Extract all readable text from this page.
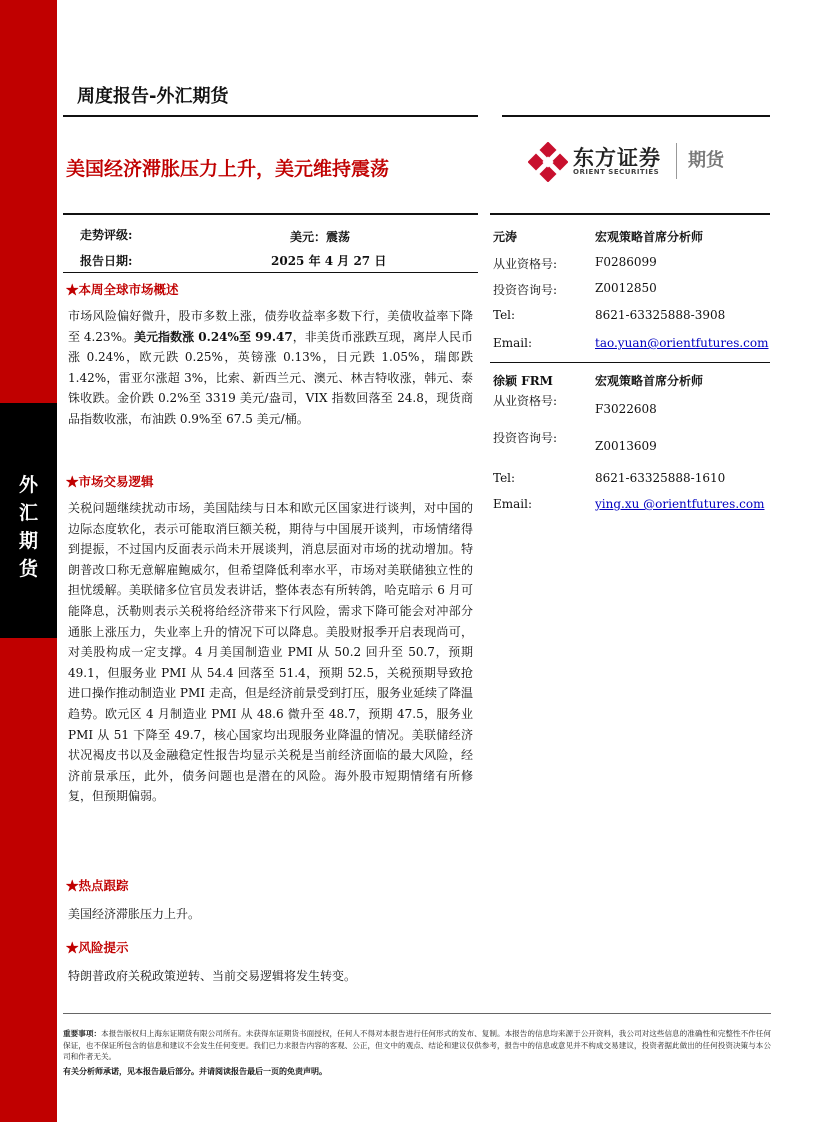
外
汇
期
货
周度报告-外汇期货
美国经济滞胀压力上升，美元维持震荡	东方证券
ORIENT SECURITIES
期货
走势评级:	美元：震荡
报告日期:	2025 年 4 月 27 日
★本周全球市场概述
市场风险偏好微升，股市多数上涨，债券收益率多数下行，美债收益率下降至 4.23%。美元指数涨 0.24%至 99.47，非美货币涨跌互现，离岸人民币涨 0.24%，欧元跌 0.25%，英镑涨 0.13%，日元跌 1.05%，瑞郎跌 1.42%，雷亚尔涨超 3%，比索、新西兰元、澳元、林吉特收涨，韩元、泰铢收跌。金价跌 0.2%至 3319 美元/盎司，VIX 指数回落至 24.8，现货商品指数收涨，布油跌 0.9%至 67.5 美元/桶。
★市场交易逻辑
关税问题继续扰动市场，美国陆续与日本和欧元区国家进行谈判，对中国的边际态度软化，表示可能取消巨额关税，期待与中国展开谈判，市场情绪得到提振，不过国内反面表示尚未开展谈判，消息层面对市场的扰动增加。特朗普改口称无意解雇鲍威尔，但希望降低利率水平，市场对美联储独立性的担忧缓解。美联储多位官员发表讲话，整体表态有所转鸽，哈克暗示 6 月可能降息，沃勒则表示关税将给经济带来下行风险，需求下降可能会对冲部分通胀上涨压力，失业率上升的情况下可以降息。美股财报季开启表现尚可，对美股构成一定支撑。4 月美国制造业 PMI 从 50.2 回升至 50.7，预期 49.1，但服务业 PMI 从 54.4 回落至 51.4，预期 52.5，关税预期导致抢进口操作推动制造业 PMI 走高，但是经济前景受到打压，服务业延续了降温趋势。欧元区 4 月制造业 PMI 从 48.6 微升至 48.7，预期 47.5，服务业 PMI 从 51 下降至 49.7，核心国家均出现服务业降温的情况。美联储经济状况褐皮书以及金融稳定性报告均显示关税是当前经济面临的最大风险，经济前景承压，此外，债务问题也是潜在的风险。海外股市短期情绪有所修复，但预期偏弱。
★热点跟踪
美国经济滞胀压力上升。
★风险提示
特朗普政府关税政策逆转、当前交易逻辑将发生转变。
元涛	宏观策略首席分析师
从业资格号:	F0286099
投资咨询号:	Z0012850
Tel:	8621-63325888-3908
Email:	tao.yuan@orientfutures.com
徐颖 FRM	宏观策略首席分析师
从业资格号:
F3022608
投资咨询号:
Z0013609
Tel:	8621-63325888-1610
Email:	ying.xu @orientfutures.com
重要事项：本报告版权归上海东证期货有限公司所有。未获得东证期货书面授权，任何人不得对本报告进行任何形式的发布、复制。本报告的信息均来源于公开资料，我公司对这些信息的准确性和完整性不作任何保证，也不保证所包含的信息和建议不会发生任何变更。我们已力求报告内容的客观、公正，但文中的观点、结论和建议仅供参考，报告中的信息或意见并不构成交易建议，投资者据此做出的任何投资决策与本公司和作者无关。
有关分析师承诺，见本报告最后部分。并请阅读报告最后一页的免责声明。
